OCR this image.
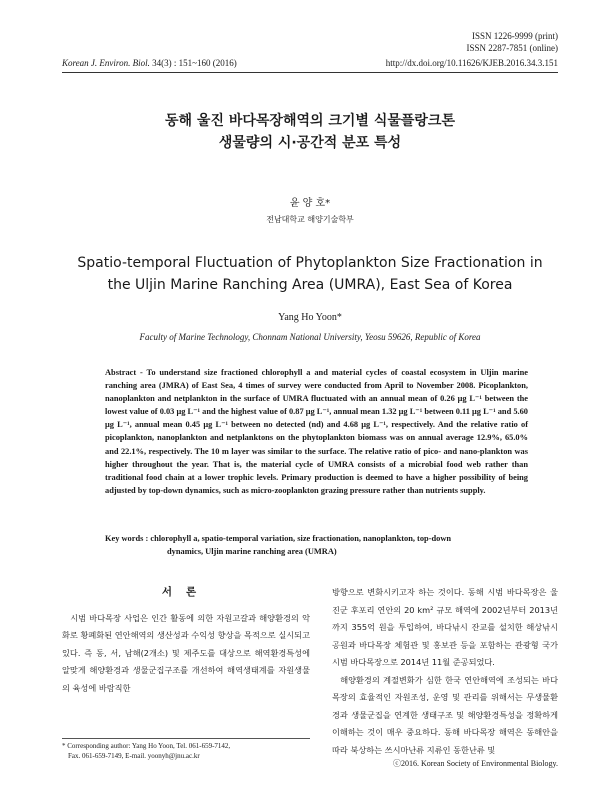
ISSN 1226-9999 (print)
ISSN 2287-7851 (online)
Korean J. Environ. Biol. 34(3) : 151~160 (2016)	http://dx.doi.org/10.11626/KJEB.2016.34.3.151
동해 울진 바다목장해역의 크기별 식물플랑크톤
생물량의 시·공간적 분포 특성
윤 양 호*
전남대학교 해양기술학부
Spatio-temporal Fluctuation of Phytoplankton Size Fractionation in
the Uljin Marine Ranching Area (UMRA), East Sea of Korea
Yang Ho Yoon*
Faculty of Marine Technology, Chonnam National University, Yeosu 59626, Republic of Korea
Abstract - To understand size fractioned chlorophyll a and material cycles of coastal ecosystem in Uljin marine ranching area (JMRA) of East Sea, 4 times of survey were conducted from April to November 2008. Picoplankton, nanoplankton and netplankton in the surface of UMRA fluctuated with an annual mean of 0.26 μg L⁻¹ between the lowest value of 0.03 μg L⁻¹ and the highest value of 0.87 μg L⁻¹, annual mean 1.32 μg L⁻¹ between 0.11 μg L⁻¹ and 5.60 μg L⁻¹, annual mean 0.45 μg L⁻¹ between no detected (nd) and 4.68 μg L⁻¹, respectively. And the relative ratio of picoplankton, nanoplankton and netplanktons on the phytoplankton biomass was on annual average 12.9%, 65.0% and 22.1%, respectively. The 10 m layer was similar to the surface. The relative ratio of pico- and nano-plankton was higher throughout the year. That is, the material cycle of UMRA consists of a microbial food web rather than traditional food chain at a lower trophic levels. Primary production is deemed to have a higher possibility of being adjusted by top-down dynamics, such as micro-zooplankton grazing pressure rather than nutrients supply.
Key words : chlorophyll a, spatio-temporal variation, size fractionation, nanoplankton, top-down
dynamics, Uljin marine ranching area (UMRA)
서론

시범 바다목장 사업은 인간 활동에 의한 자원고갈과 해양환경의 악화로 황폐화된 연안해역의 생산성과 수익성 향상을 목적으로 실시되고 있다. 즉 동, 서, 남해(2개소) 및 제주도를 대상으로 해역환경특성에 알맞게 해양환경과 생물군집구조를 개선하여 해역생태계를 자원생물의 육성에 바람직한

방향으로 변화시키고자 하는 것이다. 동해 시범 바다목장은 울진군 후포리 연안의 20 km² 규모 해역에 2002년부터 2013년까지 355억 원을 투입하여, 바다낚시 잔교를 설치한 해상낚시공원과 바다목장 체험관 및 홍보관 등을 포함하는 관광형 국가시범 바다목장으로 2014년 11월 준공되었다.

해양환경의 계절변화가 심한 한국 연안해역에 조성되는 바다목장의 효율적인 자원조성, 운영 및 관리를 위해서는 무생물환경과 생물군집을 연계한 생태구조 및 해양환경특성을 정확하게 이해하는 것이 매우 중요하다. 동해 바다목장 해역은 동해안을 따라 북상하는 쓰시마난류 지류인 동한난류 및

* Corresponding author: Yang Ho Yoon, Tel. 061-659-7142,
Fax. 061-659-7149, E-mail. yoonyh@jnu.ac.kr
ⓒ2016. Korean Society of Environmental Biology.
